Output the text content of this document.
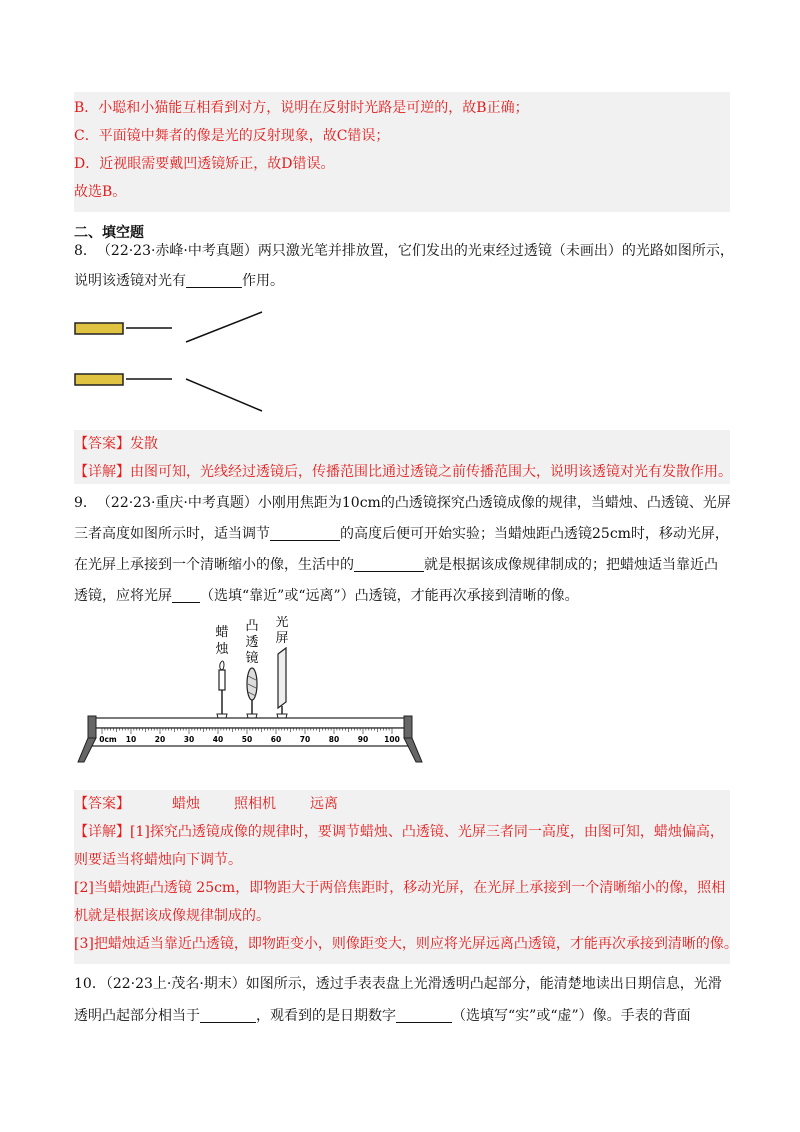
B．小聪和小猫能互相看到对方，说明在反射时光路是可逆的，故B正确；
C．平面镜中舞者的像是光的反射现象，故C错误；
D．近视眼需要戴凹透镜矫正，故D错误。
故选B。
二、填空题
8．　（22·23·赤峰·中考真题）两只激光笔并排放置，它们发出的光束经过透镜（未画出）的光路如图所示，
说明该透镜对光有	作用。
【答案】发散
【详解】由图可知，光线经过透镜后，传播范围比通过透镜之前传播范围大，说明该透镜对光有发散作用。
9．　（22·23·重庆·中考真题）小刚用焦距为10cm的凸透镜探究凸透镜成像的规律，当蜡烛、凸透镜、光屏
三者高度如图所示时，适当调节	的高度后便可开始实验；当蜡烛距凸透镜25cm时，移动光屏，
在光屏上承接到一个清晰缩小的像，生活中的	就是根据该成像规律制成的；把蜡烛适当靠近凸
透镜，应将光屏 （选填“靠近”或“远离”）凸透镜，才能再次承接到清晰的像。
蜡
烛
凸
透
镜
光
屏
0cm 10 20 30 40 50 60 70 80 90 100
【答案】	蜡烛 照相机 远离
【详解】[1]探究凸透镜成像的规律时，要调节蜡烛、凸透镜、光屏三者同一高度，由图可知，蜡烛偏高，
则要适当将蜡烛向下调节。
[2]当蜡烛距凸透镜 25cm，即物距大于两倍焦距时，移动光屏，在光屏上承接到一个清晰缩小的像，照相
机就是根据该成像规律制成的。
[3]把蜡烛适当靠近凸透镜，即物距变小，则像距变大，则应将光屏远离凸透镜，才能再次承接到清晰的像。
10．（22·23上·茂名·期末）如图所示，透过手表表盘上光滑透明凸起部分，能清楚地读出日期信息，光滑
透明凸起部分相当于	，观看到的是日期数字	（选填写“实”或“虚”）像。手表的背面
